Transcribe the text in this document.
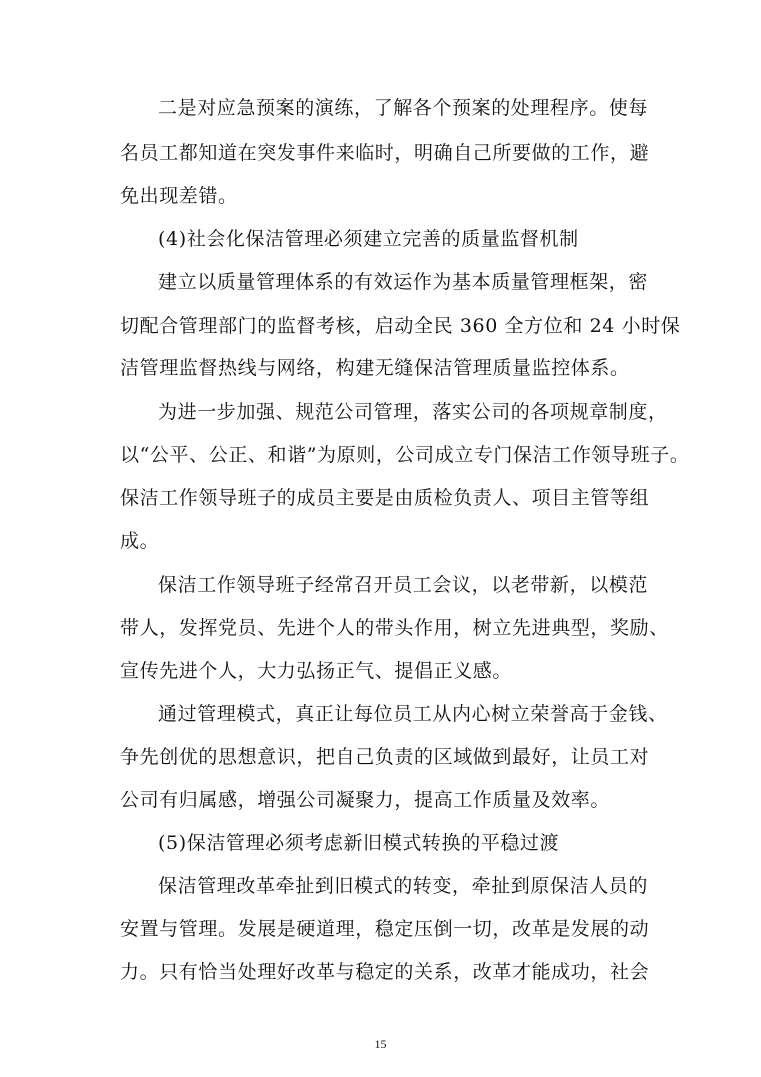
二是对应急预案的演练，了解各个预案的处理程序。使每
名员工都知道在突发事件来临时，明确自己所要做的工作，避
免出现差错。
(4)社会化保洁管理必须建立完善的质量监督机制
建立以质量管理体系的有效运作为基本质量管理框架，密
切配合管理部门的监督考核，启动全民 360 全方位和 24 小时保
洁管理监督热线与网络，构建无缝保洁管理质量监控体系。
为进一步加强、规范公司管理，落实公司的各项规章制度，
以“公平、公正、和谐”为原则，公司成立专门保洁工作领导班子。
保洁工作领导班子的成员主要是由质检负责人、项目主管等组
成。
保洁工作领导班子经常召开员工会议，以老带新，以模范
带人，发挥党员、先进个人的带头作用，树立先进典型，奖励、
宣传先进个人，大力弘扬正气、提倡正义感。
通过管理模式，真正让每位员工从内心树立荣誉高于金钱、
争先创优的思想意识，把自己负责的区域做到最好，让员工对
公司有归属感，增强公司凝聚力，提高工作质量及效率。
(5)保洁管理必须考虑新旧模式转换的平稳过渡
保洁管理改革牵扯到旧模式的转变，牵扯到原保洁人员的
安置与管理。发展是硬道理，稳定压倒一切，改革是发展的动
力。只有恰当处理好改革与稳定的关系，改革才能成功，社会
15
